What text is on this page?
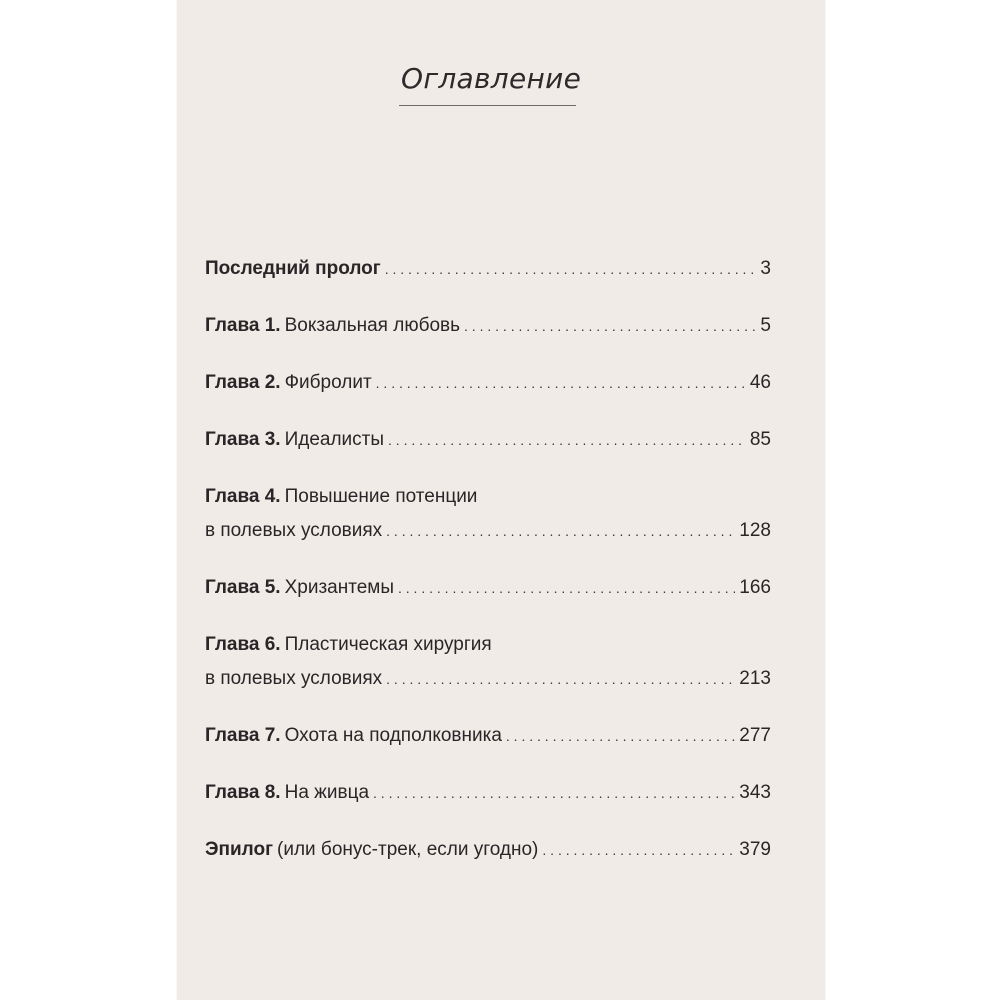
Оглавление
Последний пролог . . .	3
Глава 1. Вокзальная любовь . . .	5
Глава 2. Фибролит . . .	46
Глава 3. Идеалисты . . .	85
Глава 4. Повышение потенции
в полевых условиях . . .	128
Глава 5. Хризантемы . . .	166
Глава 6. Пластическая хирургия
в полевых условиях . . .	213
Глава 7. Охота на подполковника . . .	277
Глава 8. На живца . . .	343
Эпилог (или бонус-трек, если угодно) . . .	379
